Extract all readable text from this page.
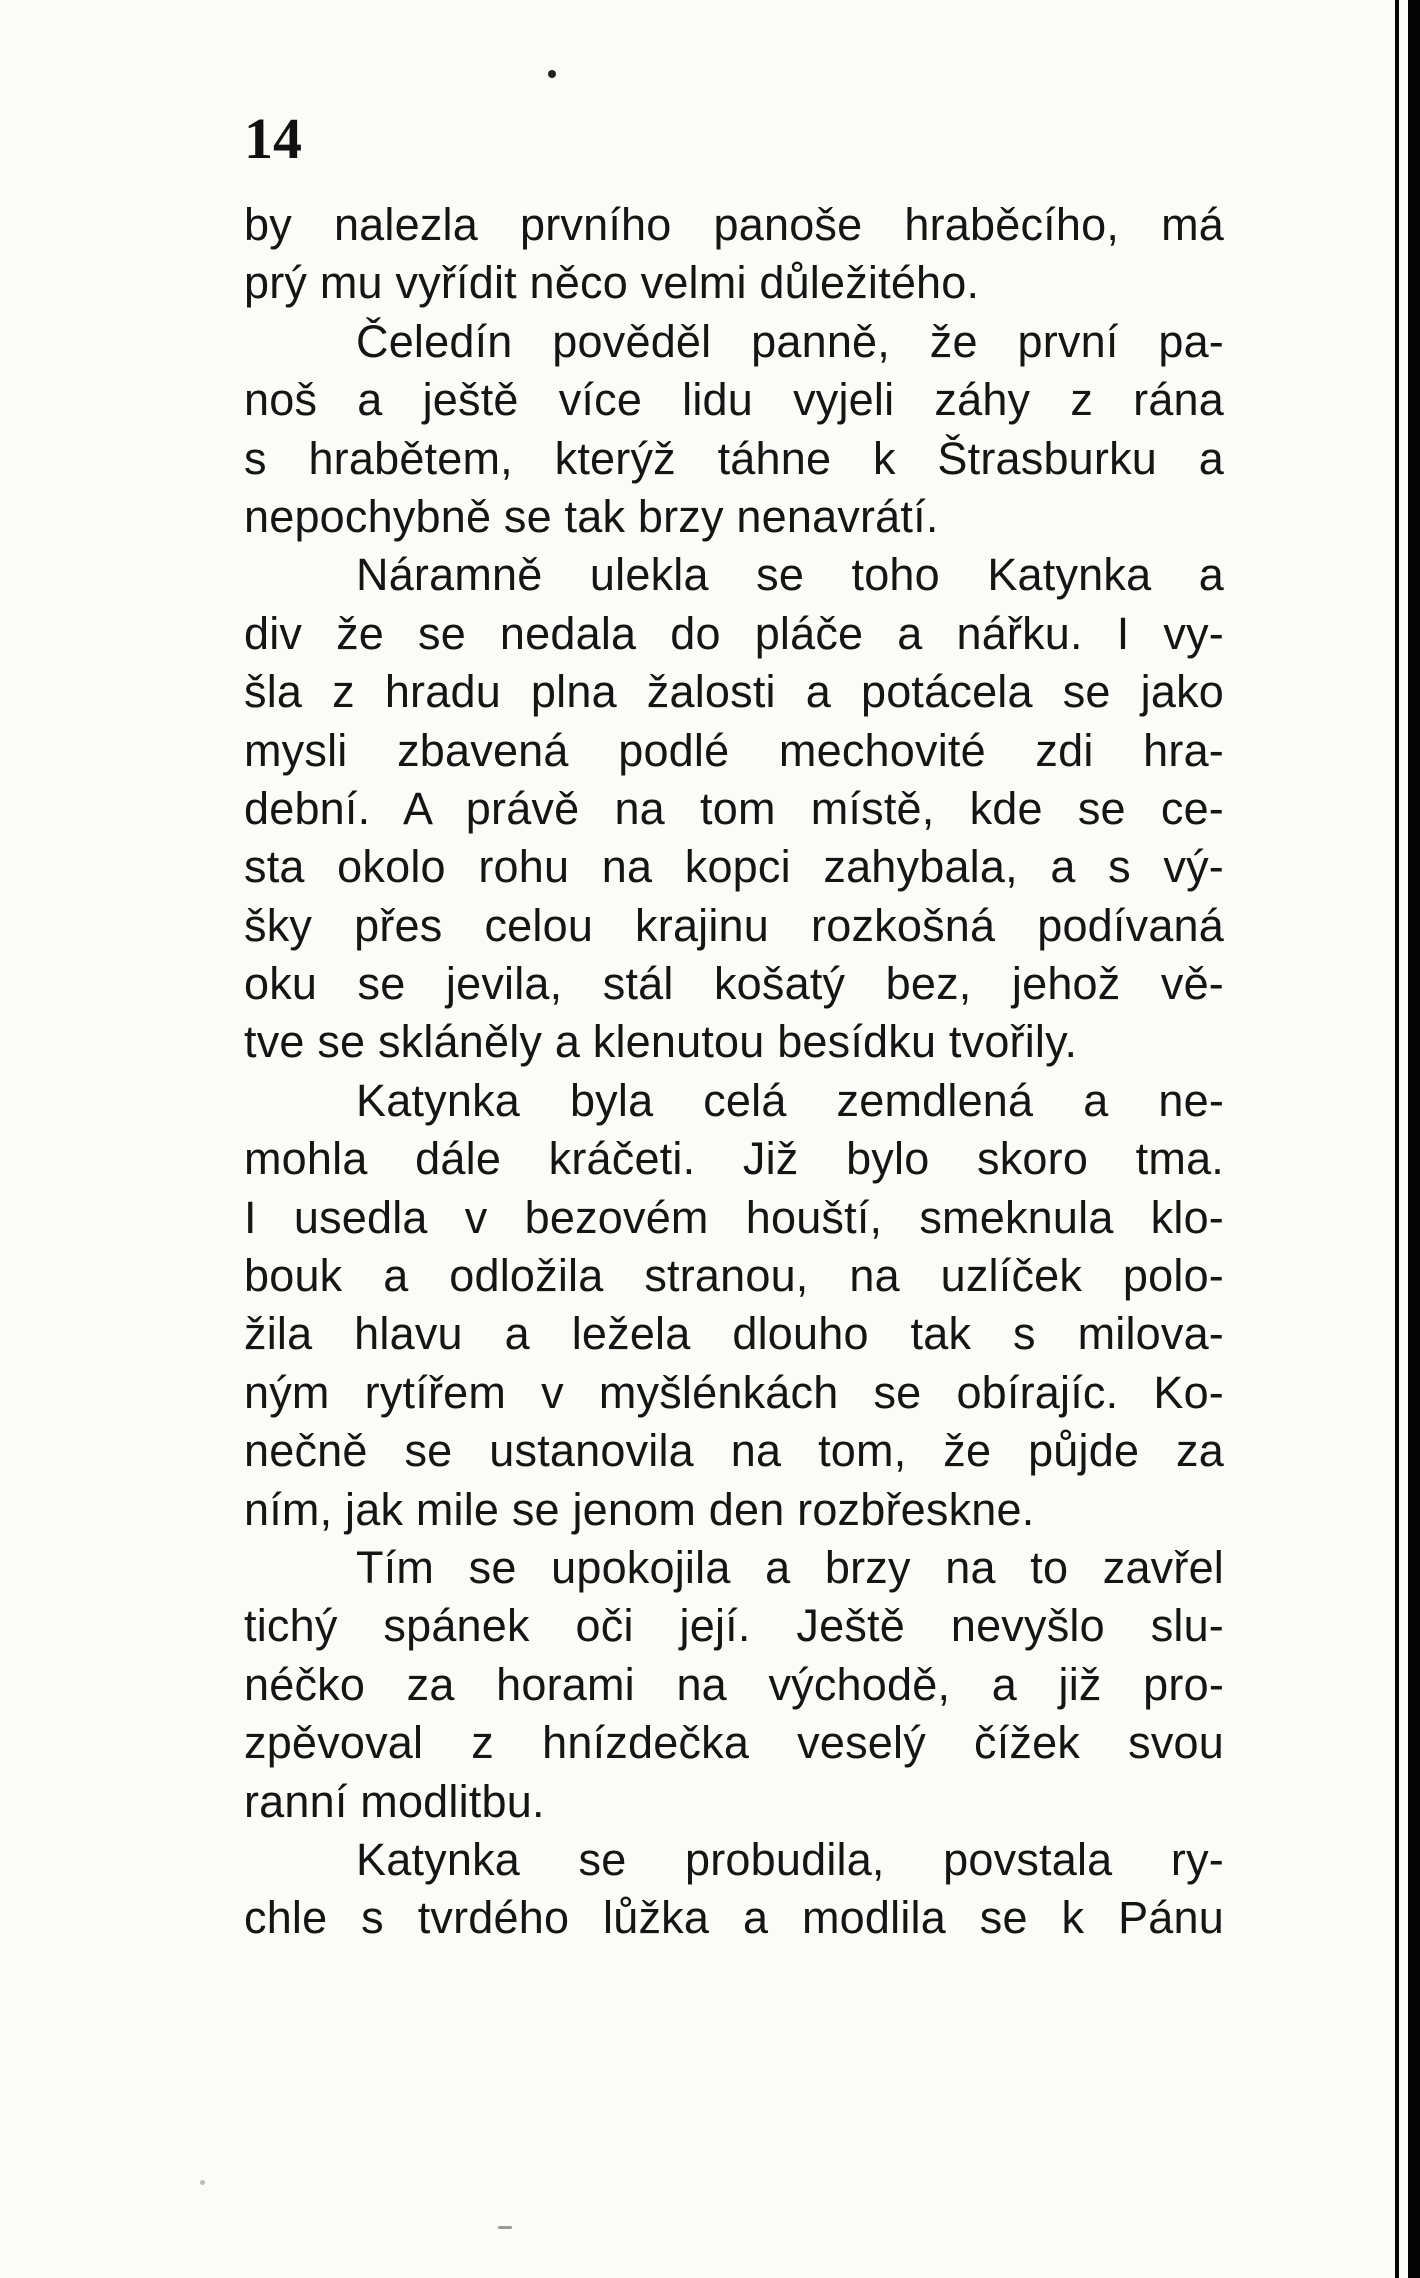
14

by nalezla prvního panoše hraběcího, má
prý mu vyřídit něco velmi důležitého.
Čeledín pověděl panně, že první pa-
noš a ještě více lidu vyjeli záhy z rána
s hrabětem, kterýž táhne k Štrasburku a
nepochybně se tak brzy nenavrátí.
Náramně ulekla se toho Katynka a
div že se nedala do pláče a nářku. I vy-
šla z hradu plna žalosti a potácela se jako
mysli zbavená podlé mechovité zdi hra-
dební. A právě na tom místě, kde se ce-
sta okolo rohu na kopci zahybala, a s vý-
šky přes celou krajinu rozkošná podívaná
oku se jevila, stál košatý bez, jehož vě-
tve se skláněly a klenutou besídku tvořily.
Katynka byla celá zemdlená a ne-
mohla dále kráčeti. Již bylo skoro tma.
I usedla v bezovém houští, smeknula klo-
bouk a odložila stranou, na uzlíček polo-
žila hlavu a ležela dlouho tak s milova-
ným rytířem v myšlénkách se obírajíc. Ko-
nečně se ustanovila na tom, že půjde za
ním, jak mile se jenom den rozbřeskne.
Tím se upokojila a brzy na to zavřel
tichý spánek oči její. Ještě nevyšlo slu-
néčko za horami na východě, a již pro-
zpěvoval z hnízdečka veselý čížek svou
ranní modlitbu.
Katynka se probudila, povstala ry-
chle s tvrdého lůžka a modlila se k Pánu
